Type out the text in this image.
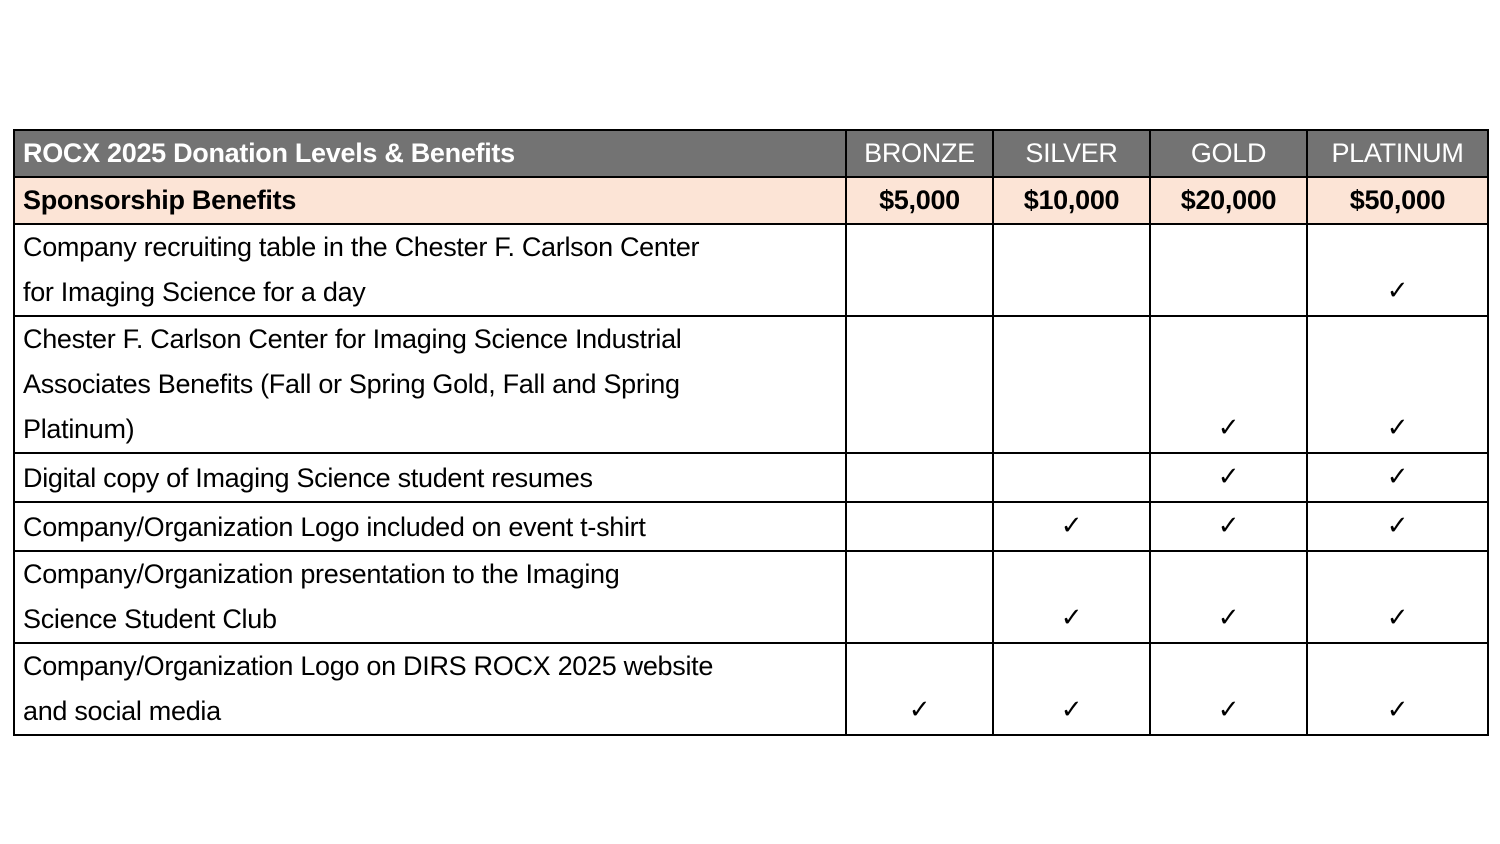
ROCX 2025 Donation Levels & Benefits	BRONZE	SILVER	GOLD	PLATINUM
Sponsorship Benefits	$5,000	$10,000	$20,000	$50,000

Company recruiting table in the Chester F. Carlson Center
for Imaging Science for a day				✓

Chester F. Carlson Center for Imaging Science Industrial
Associates Benefits (Fall or Spring Gold, Fall and Spring
Platinum)			✓	✓

Digital copy of Imaging Science student resumes			✓	✓

Company/Organization Logo included on event t-shirt		✓	✓	✓

Company/Organization presentation to the Imaging
Science Student Club		✓	✓	✓

Company/Organization Logo on DIRS ROCX 2025 website
and social media	✓	✓	✓	✓
